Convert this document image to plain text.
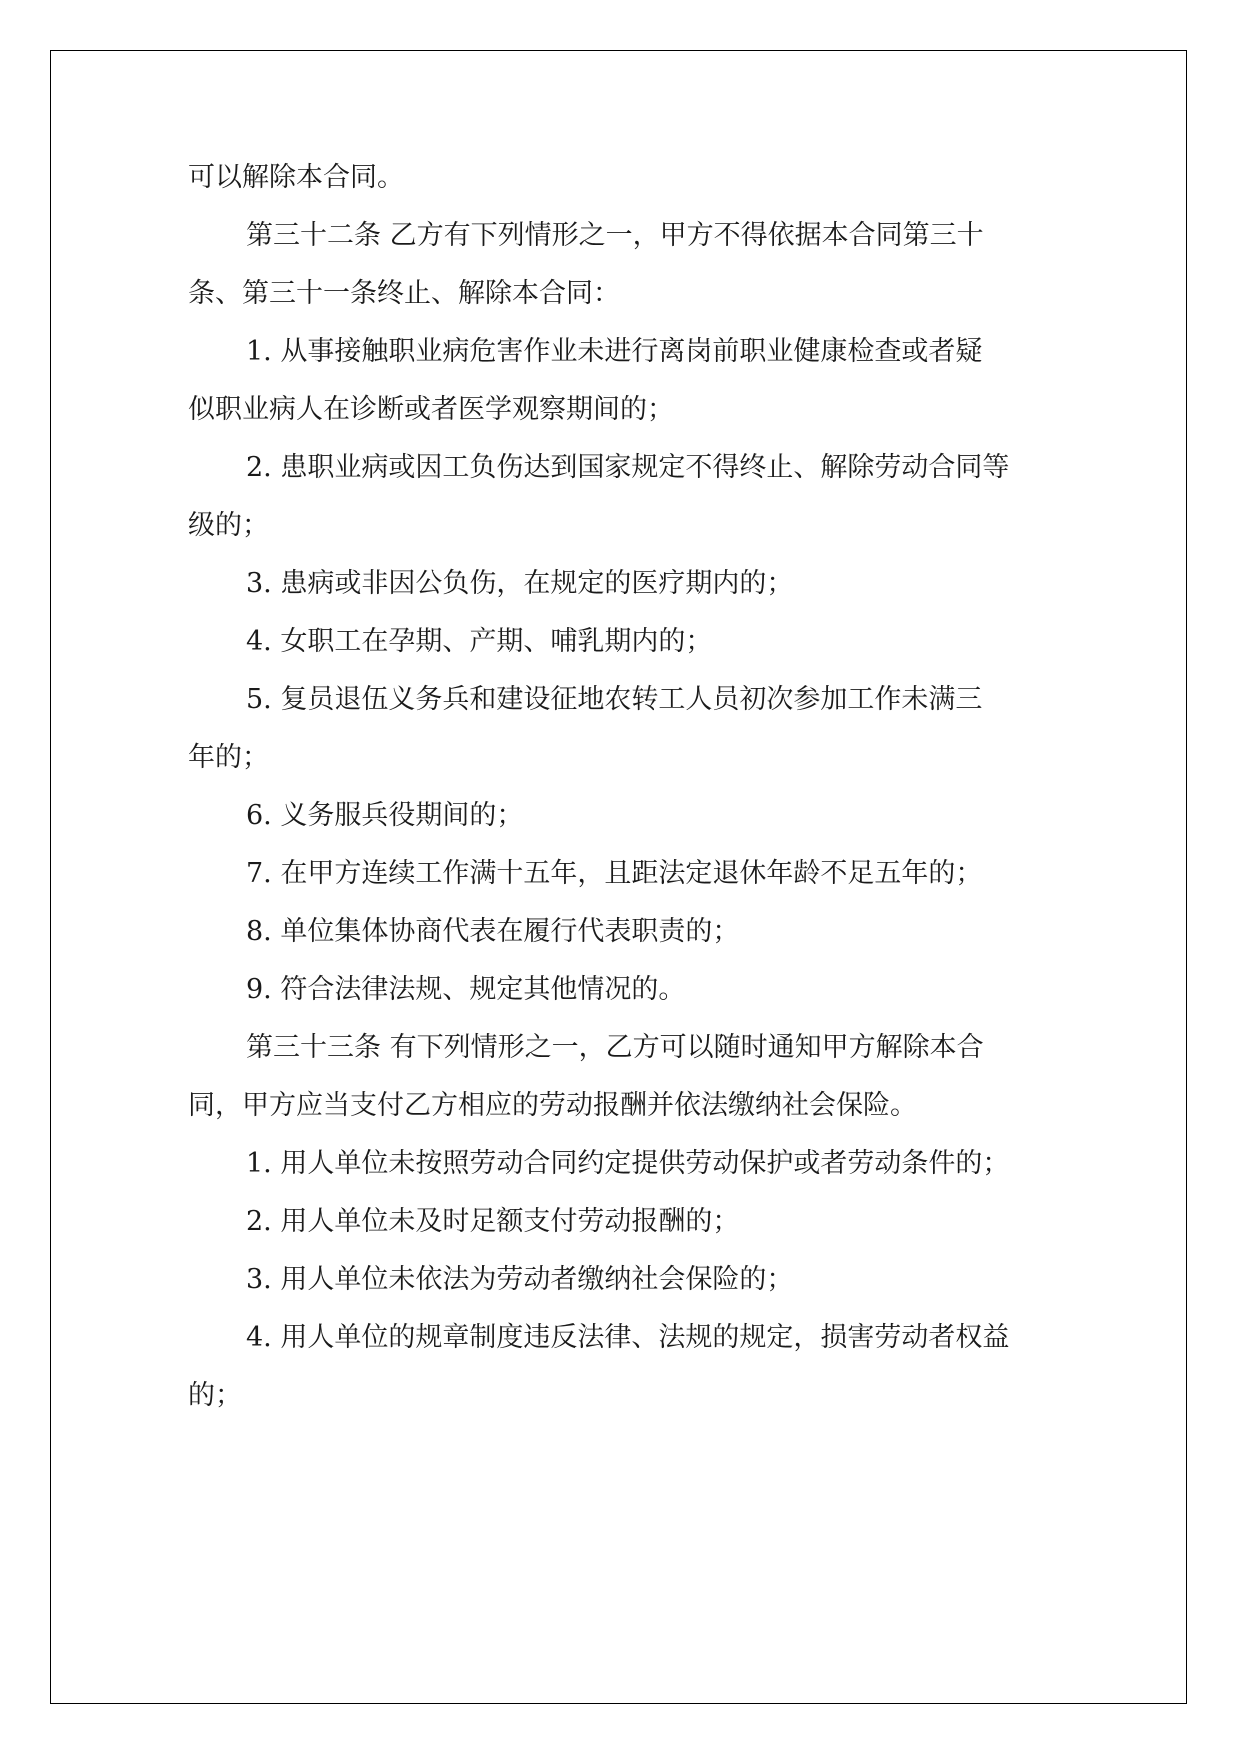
可以解除本合同。
第三十二条 乙方有下列情形之一，甲方不得依据本合同第三十
条、第三十一条终止、解除本合同：
1. 从事接触职业病危害作业未进行离岗前职业健康检查或者疑
似职业病人在诊断或者医学观察期间的；
2. 患职业病或因工负伤达到国家规定不得终止、解除劳动合同等
级的；
3. 患病或非因公负伤，在规定的医疗期内的；
4. 女职工在孕期、产期、哺乳期内的；
5. 复员退伍义务兵和建设征地农转工人员初次参加工作未满三
年的；
6. 义务服兵役期间的；
7. 在甲方连续工作满十五年，且距法定退休年龄不足五年的；
8. 单位集体协商代表在履行代表职责的；
9. 符合法律法规、规定其他情况的。
第三十三条 有下列情形之一，乙方可以随时通知甲方解除本合
同，甲方应当支付乙方相应的劳动报酬并依法缴纳社会保险。
1. 用人单位未按照劳动合同约定提供劳动保护或者劳动条件的；
2. 用人单位未及时足额支付劳动报酬的；
3. 用人单位未依法为劳动者缴纳社会保险的；
4. 用人单位的规章制度违反法律、法规的规定，损害劳动者权益
的；
